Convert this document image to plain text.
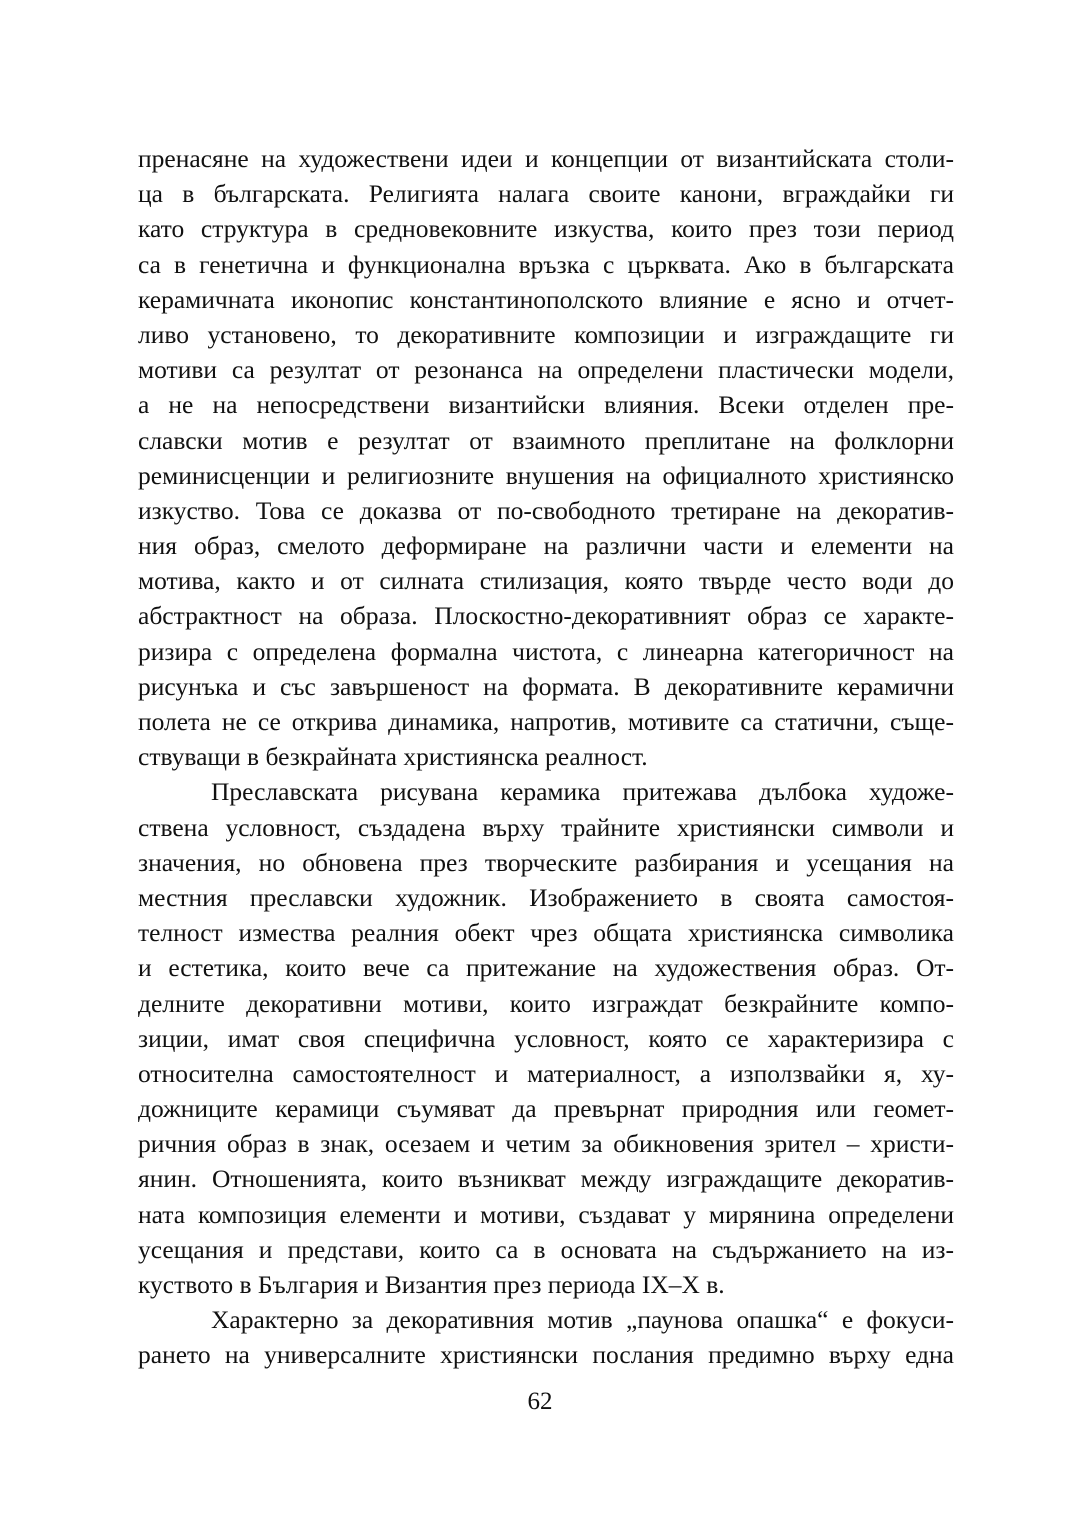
пренасяне на художествени идеи и концепции от византийската столи-
ца в българската. Религията налага своите канони, вграждайки ги
като структура в средновековните изкуства, които през този период
са в генетична и функционална връзка с църквата. Ако в българската
керамичната иконопис константинополското влияние е ясно и отчет-
ливо установено, то декоративните композиции и изграждащите ги
мотиви са резултат от резонанса на определени пластически модели,
а не на непосредствени византийски влияния. Всеки отделен пре-
славски мотив е резултат от взаимното преплитане на фолклорни
реминисценции и религиозните внушения на официалното християнско
изкуство. Това се доказва от по-свободното третиране на декоратив-
ния образ, смелото деформиране на различни части и елементи на
мотива, както и от силната стилизация, която твърде често води до
абстрактност на образа. Плоскостно-декоративният образ се характе-
ризира с определена формална чистота, с линеарна категоричност на
рисунъка и със завършеност на формата. В декоративните керамични
полета не се открива динамика, напротив, мотивите са статични, съще-
ствуващи в безкрайната християнска реалност.
Преславската рисувана керамика притежава дълбока художе-
ствена условност, създадена върху трайните християнски символи и
значения, но обновена през творческите разбирания и усещания на
местния преславски художник. Изображението в своята самостоя-
телност измества реалния обект чрез общата християнска символика
и естетика, които вече са притежание на художествения образ. От-
делните декоративни мотиви, които изграждат безкрайните компо-
зиции, имат своя специфична условност, която се характеризира с
относителна самостоятелност и материалност, а използвайки я, ху-
дожниците керамици съумяват да превърнат природния или геомет-
ричния образ в знак, осезаем и четим за обикновения зрител – христи-
янин. Отношенията, които възникват между изграждащите декоратив-
ната композиция елементи и мотиви, създават у мирянина определени
усещания и представи, които са в основата на съдържанието на из-
куството в България и Византия през периода IX–X в.
Характерно за декоративния мотив „паунова опашка“ е фокуси-
рането на универсалните християнски послания предимно върху една
62
